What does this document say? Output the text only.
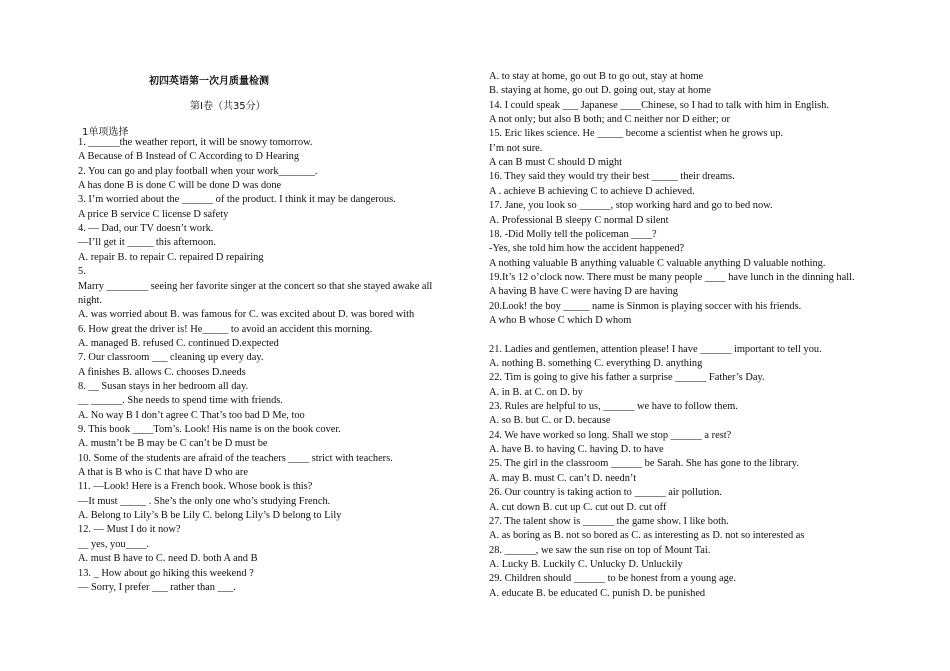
初四英语第一次月质量检测
第Ⅰ卷（共35分）
1单项选择
1. ______the weather report, it will be snowy tomorrow.
A Because of B Instead of C According to D Hearing
2. You can go and play football when your work_______.
A has done B is done C will be done D was done
3. I’m worried about the ______ of the product. I think it may be dangerous.
A price B service C license D safety
4. — Dad, our TV doesn’t work.
—I’ll get it _____ this afternoon.
A. repair B. to repair C. repaired D repairing
5.
Marry ________ seeing her favorite singer at the concert so that she stayed awake all
night.
A. was worried about B. was famous for C. was excited about D. was bored with
6. How great the driver is! He_____ to avoid an accident this morning.
A. managed B. refused C. continued D.expected
7. Our classroom ___ cleaning up every day.
A finishes B. allows C. chooses D.needs
8. __ Susan stays in her bedroom all day.
__ ______. She needs to spend time with friends.
A. No way B I don’t agree C That’s too bad D Me, too
9. This book ____Tom’s. Look! His name is on the book cover.
A. mustn’t be B may be C can’t be D must be
10. Some of the students are afraid of the teachers ____ strict with teachers.
A that is B who is C that have D who are
11. —Look! Here is a French book. Whose book is this?
—It must _____ . She’s the only one who’s studying French.
A. Belong to Lily’s B be Lily C. belong Lily’s D belong to Lily
12. — Must I do it now?
__ yes, you____.
A. must B have to C. need D. both A and B
13. _ How about go hiking this weekend ?
— Sorry, I prefer ___ rather than ___.
A. to stay at home, go out B to go out, stay at home
B. staying at home, go out D. going out, stay at home
14. I could speak ___ Japanese ____Chinese, so I had to talk with him in English.
A not only; but also B both; and C neither nor D either; or
15. Eric likes science. He _____ become a scientist when he grows up.
I’m not sure.
A can B must C should D might
16. They said they would try their best _____ their dreams.
A . achieve B achieving C to achieve D achieved.
17. Jane, you look so ______, stop working hard and go to bed now.
A. Professional B sleepy C normal D silent
18. -Did Molly tell the policeman ____?
-Yes, she told him how the accident happened?
A nothing valuable B anything valuable C valuable anything D valuable nothing.
19.It’s 12 o’clock now. There must be many people ____ have lunch in the dinning hall.
A having B have C were having D are having
20.Look! the boy _____ name is Sinmon is playing soccer with his friends.
A who B whose C which D whom
21. Ladies and gentlemen, attention please! I have ______ important to tell you.
A. nothing B. something C. everything D. anything
22. Tim is going to give his father a surprise ______ Father’s Day.
A. in B. at C. on D. by
23. Rules are helpful to us, ______ we have to follow them.
A. so B. but C. or D. because
24. We have worked so long. Shall we stop ______ a rest?
A. have B. to having C. having D. to have
25. The girl in the classroom ______ be Sarah. She has gone to the library.
A. may B. must C. can’t D. needn’t
26. Our country is taking action to ______ air pollution.
A. cut down B. cut up C. cut out D. cut off
27. The talent show is ______ the game show. I like both.
A. as boring as B. not so bored as C. as interesting as D. not so interested as
28. ______, we saw the sun rise on top of Mount Tai.
A. Lucky B. Luckily C. Unlucky D. Unluckily
29. Children should ______ to be honest from a young age.
A. educate B. be educated C. punish D. be punished
